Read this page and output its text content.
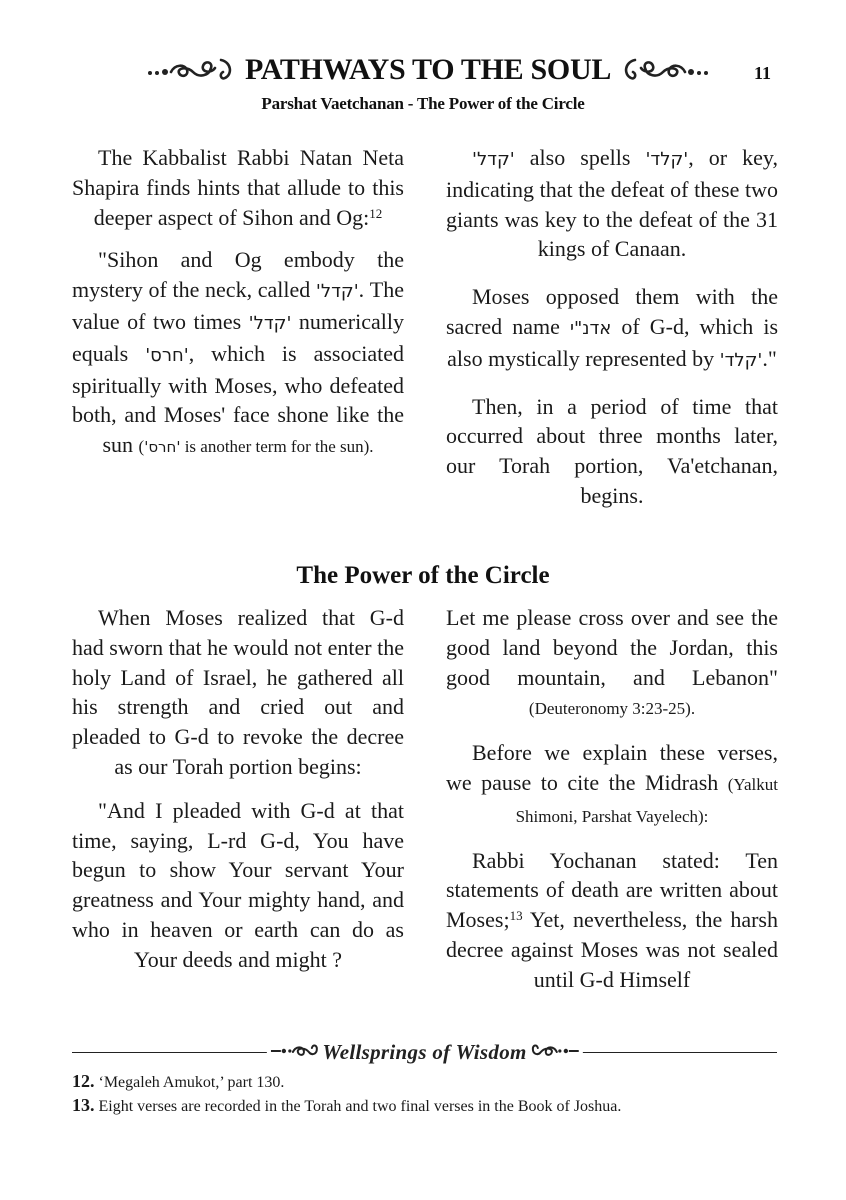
PATHWAYS TO THE SOUL	11
Parshat Vaetchanan - The Power of the Circle

The Kabbalist Rabbi Natan Neta Shapira finds hints that allude to this deeper aspect of Sihon and Og:$^{12}$

"Sihon and Og embody the mystery of the neck, called 'קדל'. The value of two times 'קדל' numerically equals 'חרס', which is associated spiritually with Moses, who defeated both, and Moses' face shone like the sun ('חרס' is another term for the sun).

'קדל' also spells 'קלד', or key, indicating that the defeat of these two giants was key to the defeat of the 31 kings of Canaan.

Moses opposed them with the sacred name אדנ"י of G-d, which is also mystically represented by 'קלד'."

Then, in a period of time that occurred about three months later, our Torah portion, Va'etchanan, begins.

The Power of the Circle

When Moses realized that G-d had sworn that he would not enter the holy Land of Israel, he gathered all his strength and cried out and pleaded to G-d to revoke the decree as our Torah portion begins:

"And I pleaded with G-d at that time, saying, L-rd G-d, You have begun to show Your servant Your greatness and Your mighty hand, and who in heaven or earth can do as Your deeds and might ?

Let me please cross over and see the good land beyond the Jordan, this good mountain, and Lebanon" (Deuteronomy 3:23-25).

Before we explain these verses, we pause to cite the Midrash (Yalkut Shimoni, Parshat Vayelech):

Rabbi Yochanan stated: Ten statements of death are written about Moses;$^{13}$ Yet, nevertheless, the harsh decree against Moses was not sealed until G-d Himself

Wellsprings of Wisdom

12. ‘Megaleh Amukot,’ part 130.

13. Eight verses are recorded in the Torah and two final verses in the Book of Joshua.
